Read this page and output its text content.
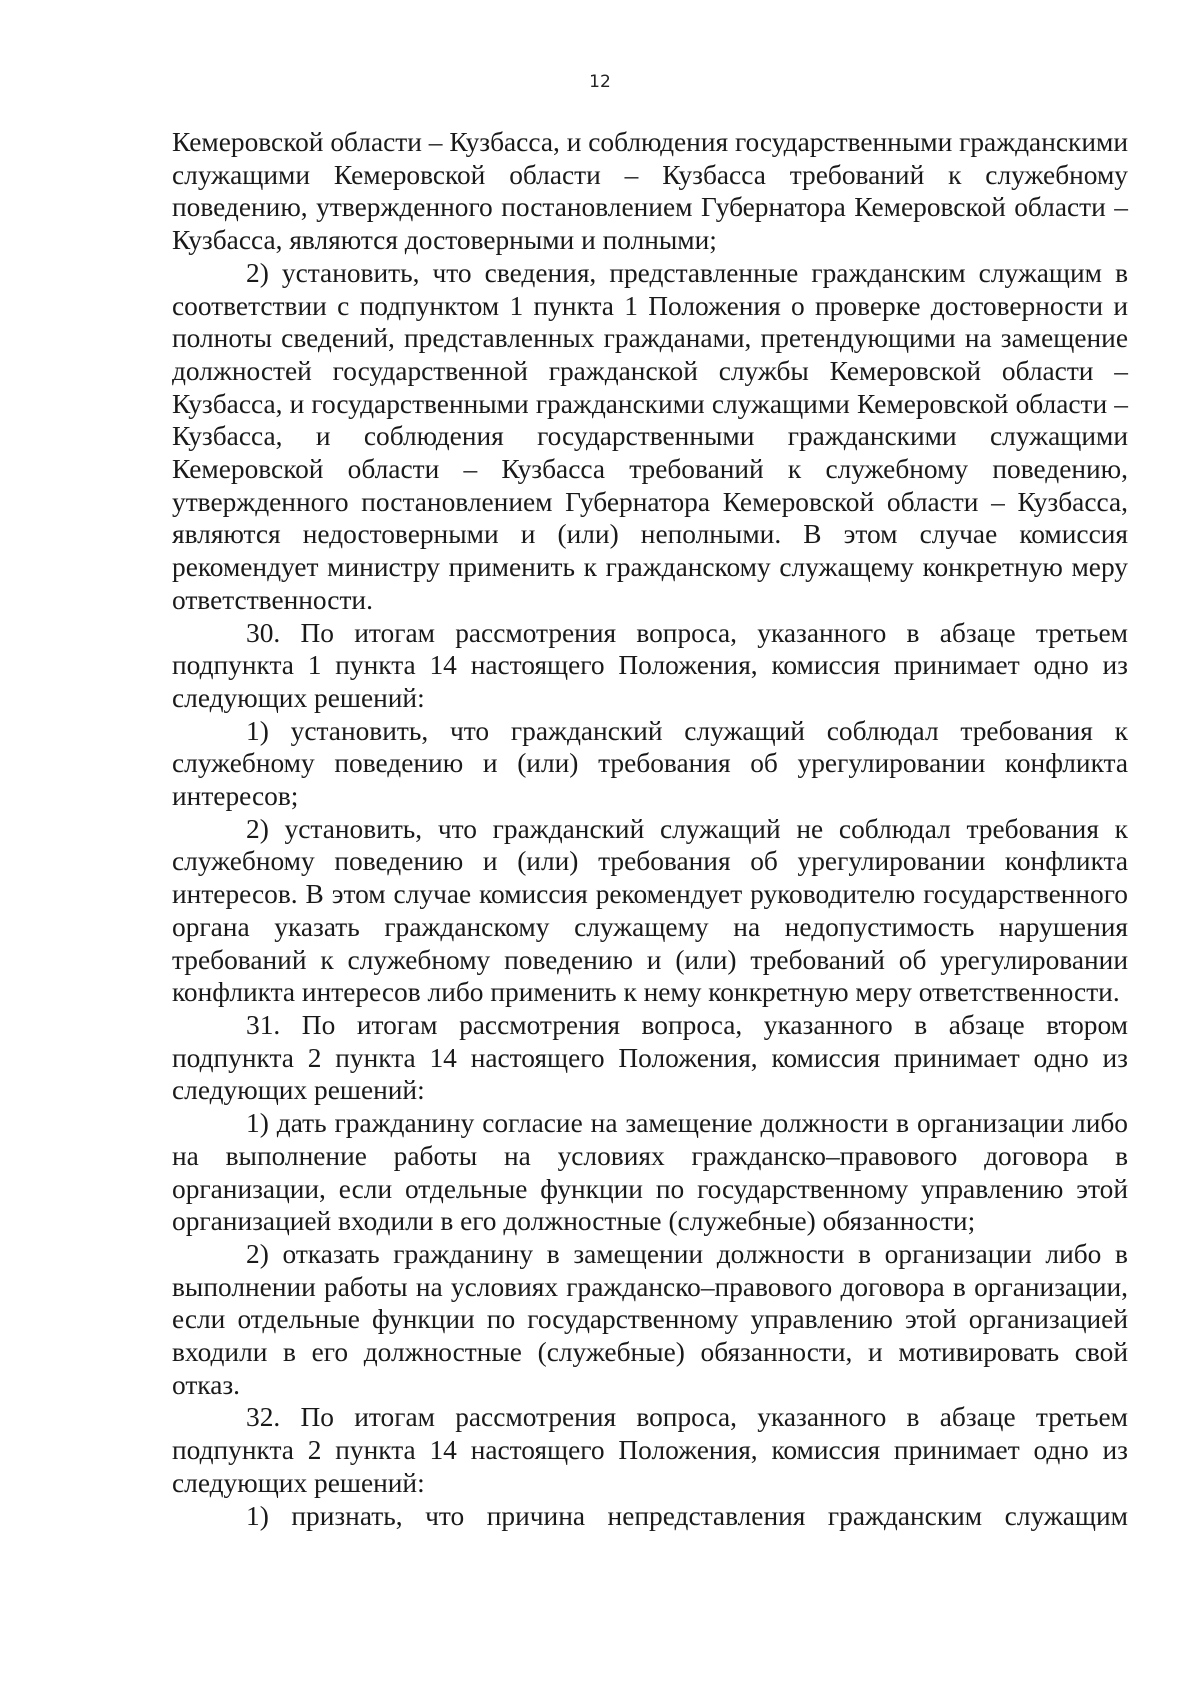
12

Кемеровской области – Кузбасса, и соблюдения государственными гражданскими служащими Кемеровской области – Кузбасса требований к служебному поведению, утвержденного постановлением Губернатора Кемеровской области – Кузбасса, являются достоверными и полными;

2) установить, что сведения, представленные гражданским служащим в соответствии с подпунктом 1 пункта 1 Положения о проверке достоверности и полноты сведений, представленных гражданами, претендующими на замещение должностей государственной гражданской службы Кемеровской области – Кузбасса, и государственными гражданскими служащими Кемеровской области – Кузбасса, и соблюдения государственными гражданскими служащими Кемеровской области – Кузбасса требований к служебному поведению, утвержденного постановлением Губернатора Кемеровской области – Кузбасса, являются недостоверными и (или) неполными. В этом случае комиссия рекомендует министру применить к гражданскому служащему конкретную меру ответственности.

30. По итогам рассмотрения вопроса, указанного в абзаце третьем подпункта 1 пункта 14 настоящего Положения, комиссия принимает одно из следующих решений:

1) установить, что гражданский служащий соблюдал требования к служебному поведению и (или) требования об урегулировании конфликта интересов;

2) установить, что гражданский служащий не соблюдал требования к служебному поведению и (или) требования об урегулировании конфликта интересов. В этом случае комиссия рекомендует руководителю государственного органа указать гражданскому служащему на недопустимость нарушения требований к служебному поведению и (или) требований об урегулировании конфликта интересов либо применить к нему конкретную меру ответственности.

31. По итогам рассмотрения вопроса, указанного в абзаце втором подпункта 2 пункта 14 настоящего Положения, комиссия принимает одно из следующих решений:

1) дать гражданину согласие на замещение должности в организации либо на выполнение работы на условиях гражданско–правового договора в организации, если отдельные функции по государственному управлению этой организацией входили в его должностные (служебные) обязанности;

2) отказать гражданину в замещении должности в организации либо в выполнении работы на условиях гражданско–правового договора в организации, если отдельные функции по государственному управлению этой организацией входили в его должностные (служебные) обязанности, и мотивировать свой отказ.

32. По итогам рассмотрения вопроса, указанного в абзаце третьем подпункта 2 пункта 14 настоящего Положения, комиссия принимает одно из следующих решений:

1) признать, что причина непредставления гражданским служащим
